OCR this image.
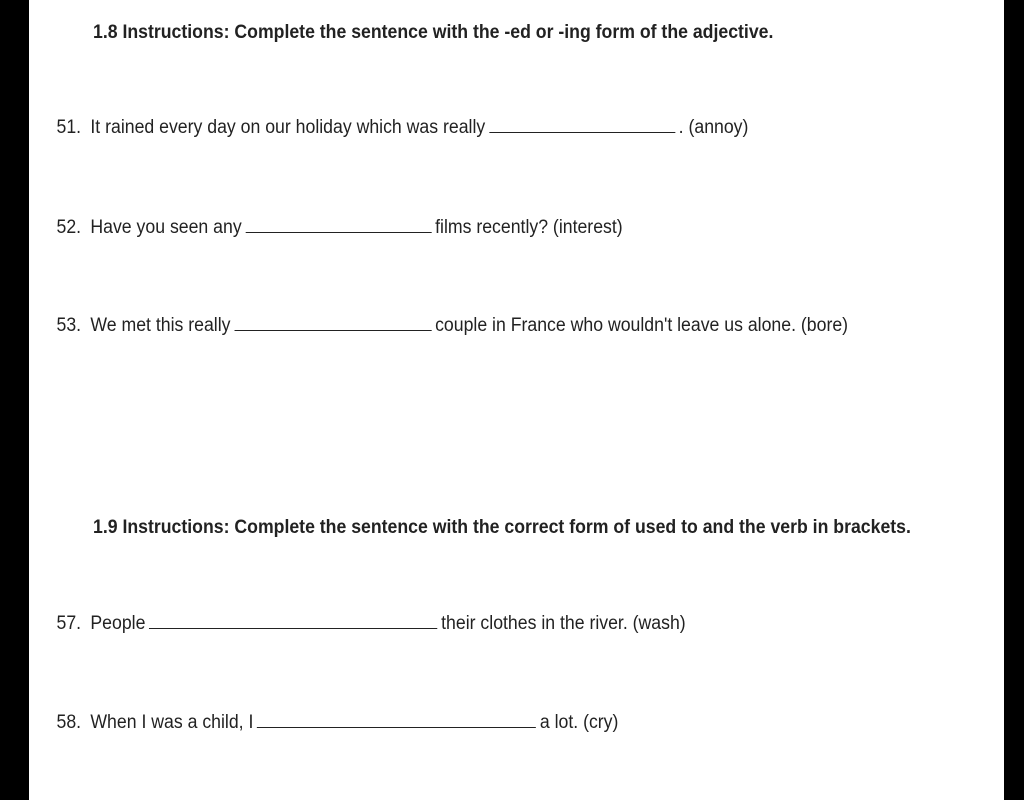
1.8 Instructions: Complete the sentence with the -ed or -ing form of the adjective.
51. It rained every day on our holiday which was really	. (annoy)
52. Have you seen any	films recently? (interest)
53. We met this really	couple in France who wouldn't leave us alone. (bore)
1.9 Instructions: Complete the sentence with the correct form of used to and the verb in brackets.
57. People	their clothes in the river. (wash)
58. When I was a child, I	a lot. (cry)
